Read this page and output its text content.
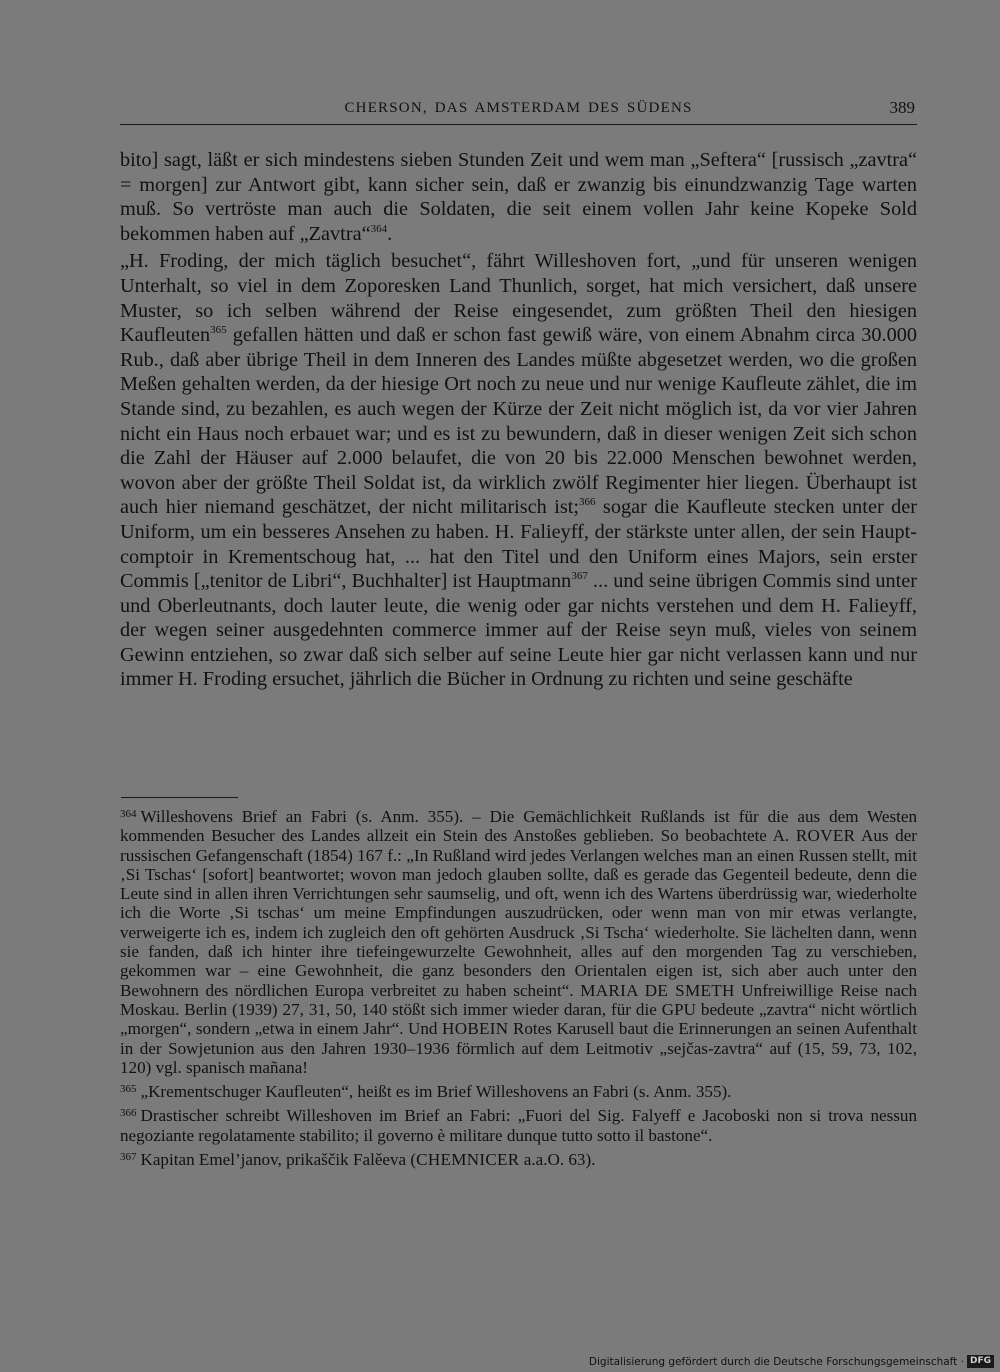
CHERSON, DAS AMSTERDAM DES SÜDENS	389

bito] sagt, läßt er sich mindestens sieben Stunden Zeit und wem man „Seftera“ [russisch „zavtra“ = morgen] zur Antwort gibt, kann sicher sein, daß er zwanzig bis einundzwanzig Tage warten muß. So vertröste man auch die Soldaten, die seit einem vollen Jahr keine Kopeke Sold bekommen haben auf „Zavtra“$^{364}$.

„H. Froding, der mich täglich besuchet“, fährt Willeshoven fort, „und für unseren wenigen Unterhalt, so viel in dem Zoporesken Land Thunlich, sorget, hat mich versichert, daß unsere Muster, so ich selben während der Reise eingesendet, zum größten Theil den hiesigen Kaufleuten$^{365}$ gefallen hätten und daß er schon fast gewiß wäre, von einem Abnahm circa 30.000 Rub., daß aber übrige Theil in dem Inneren des Landes müßte abgesetzet werden, wo die großen Meßen gehalten werden, da der hiesige Ort noch zu neue und nur wenige Kaufleute zählet, die im Stande sind, zu bezahlen, es auch wegen der Kürze der Zeit nicht möglich ist, da vor vier Jahren nicht ein Haus noch erbauet war; und es ist zu bewundern, daß in dieser wenigen Zeit sich schon die Zahl der Häuser auf 2.000 belaufet, die von 20 bis 22.000 Menschen bewohnet werden, wovon aber der größte Theil Soldat ist, da wirklich zwölf Regimenter hier liegen. Überhaupt ist auch hier niemand geschätzet, der nicht militarisch ist;$^{366}$ sogar die Kaufleute stecken unter der Uniform, um ein besseres Ansehen zu haben. H. Falieyff, der stärkste unter allen, der sein Hauptcomptoir in Krementschoug hat, ... hat den Titel und den Uniform eines Majors, sein erster Commis [„tenitor de Libri“, Buchhalter] ist Hauptmann$^{367}$ ... und seine übrigen Commis sind unter und Oberleutnants, doch lauter leute, die wenig oder gar nichts verstehen und dem H. Falieyff, der wegen seiner ausgedehnten commerce immer auf der Reise seyn muß, vieles von seinem Gewinn entziehen, so zwar daß sich selber auf seine Leute hier gar nicht verlassen kann und nur immer H. Froding ersuchet, jährlich die Bücher in Ordnung zu richten und seine geschäfte

$^{364}$ Willeshovens Brief an Fabri (s. Anm. 355). – Die Gemächlichkeit Rußlands ist für die aus dem Westen kommenden Besucher des Landes allzeit ein Stein des Anstoßes geblieben. So beobachtete A. ROVER Aus der russischen Gefangenschaft (1854) 167 f.: „In Rußland wird jedes Verlangen welches man an einen Russen stellt, mit ‚Si Tschas‘ [sofort] beantwortet; wovon man jedoch glauben sollte, daß es gerade das Gegenteil bedeute, denn die Leute sind in allen ihren Verrichtungen sehr saumselig, und oft, wenn ich des Wartens überdrüssig war, wiederholte ich die Worte ‚Si tschas‘ um meine Empfindungen auszudrücken, oder wenn man von mir etwas verlangte, verweigerte ich es, indem ich zugleich den oft gehörten Ausdruck ‚Si Tscha‘ wiederholte. Sie lächelten dann, wenn sie fanden, daß ich hinter ihre tiefeingewurzelte Gewohnheit, alles auf den morgenden Tag zu verschieben, gekommen war – eine Gewohnheit, die ganz besonders den Orientalen eigen ist, sich aber auch unter den Bewohnern des nördlichen Europa verbreitet zu haben scheint“. MARIA DE SMETH Unfreiwillige Reise nach Moskau. Berlin (1939) 27, 31, 50, 140 stößt sich immer wieder daran, für die GPU bedeute „zavtra“ nicht wörtlich „morgen“, sondern „etwa in einem Jahr“. Und HOBEIN Rotes Karusell baut die Erinnerungen an seinen Aufenthalt in der Sowjetunion aus den Jahren 1930–1936 förmlich auf dem Leitmotiv „sejčas-zavtra“ auf (15, 59, 73, 102, 120) vgl. spanisch mañana!

$^{365}$ „Krementschuger Kaufleuten“, heißt es im Brief Willeshovens an Fabri (s. Anm. 355).

$^{366}$ Drastischer schreibt Willeshoven im Brief an Fabri: „Fuori del Sig. Falyeff e Jacoboski non si trova nessun negoziante regolatamente stabilito; il governo è militare dunque tutto sotto il bastone“.

$^{367}$ Kapitan Emel’janov, prikaščik Falěeva (CHEMNICER a.a.O. 63).

Digitalisierung gefördert durch die Deutsche Forschungsgemeinschaft · DFG
